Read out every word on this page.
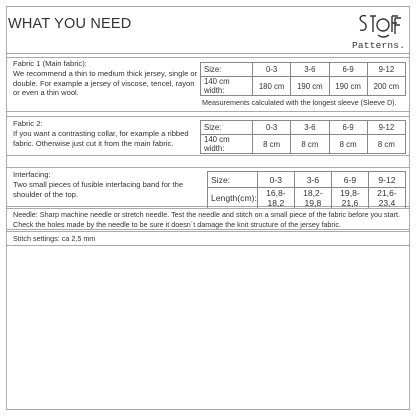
WHAT YOU NEED
Patterns.
Fabric 1 (Main fabric):
We recommend a thin to medium thick jersey, single or double. For example a jersey of viscose, tencel, rayon or even a thin wool.
Size:	0-3	3-6	6-9	9-12
140 cm width:	180 cm	190 cm	190 cm	200 cm
Measurements calculated with the longest sleeve (Sleeve D).
Fabric 2:
If you want a contrasting collar, for example a ribbed fabric. Otherwise just cut it from the main fabric.
Size:	0-3	3-6	6-9	9-12
140 cm width:	8 cm	8 cm	8 cm	8 cm
Interfacing:
Two small pieces of fusible interfacing band for the shoulder of the top.
Size:	0-3	3-6	6-9	9-12
Length(cm):	16,8-18,2	18,2-19,8	19,8-21,6	21,6-23,4
Needle: Sharp machine needle or stretch needle. Test the needle and stitch on a small piece of the fabric before you start.
Check the holes made by the needle to be sure it doesn´t damage the knit structure of the jersey fabric.
Stitch settings: ca 2,5 mm
